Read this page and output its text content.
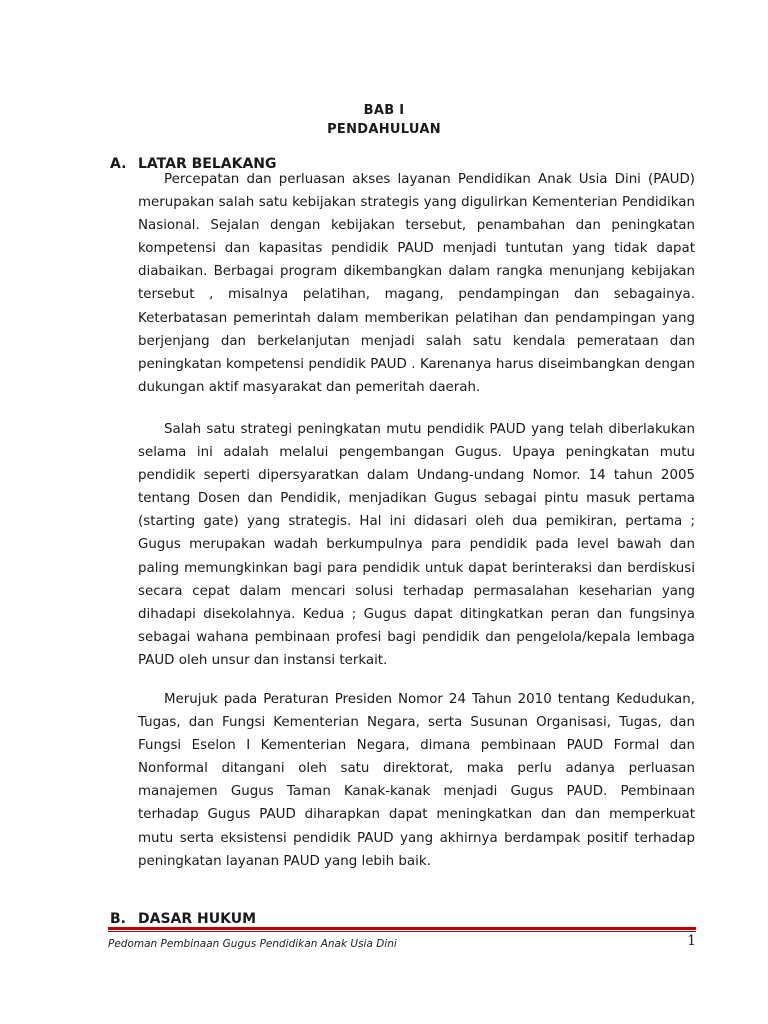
BAB I
PENDAHULUAN
A. LATAR BELAKANG

Percepatan dan perluasan akses layanan Pendidikan Anak Usia Dini (PAUD) merupakan salah satu kebijakan strategis yang digulirkan Kementerian Pendidikan Nasional. Sejalan dengan kebijakan tersebut, penambahan dan peningkatan kompetensi dan kapasitas pendidik PAUD menjadi tuntutan yang tidak dapat diabaikan. Berbagai program dikembangkan dalam rangka menunjang kebijakan tersebut , misalnya pelatihan, magang, pendampingan dan sebagainya. Keterbatasan pemerintah dalam memberikan pelatihan dan pendampingan yang berjenjang dan berkelanjutan menjadi salah satu kendala pemerataan dan peningkatan kompetensi pendidik PAUD . Karenanya harus diseimbangkan dengan dukungan aktif masyarakat dan pemeritah daerah.

Salah satu strategi peningkatan mutu pendidik PAUD yang telah diberlakukan selama ini adalah melalui pengembangan Gugus. Upaya peningkatan mutu pendidik seperti dipersyaratkan dalam Undang-undang Nomor. 14 tahun 2005 tentang Dosen dan Pendidik, menjadikan Gugus sebagai pintu masuk pertama (starting gate) yang strategis. Hal ini didasari oleh dua pemikiran, pertama ; Gugus merupakan wadah berkumpulnya para pendidik pada level bawah dan paling memungkinkan bagi para pendidik untuk dapat berinteraksi dan berdiskusi secara cepat dalam mencari solusi terhadap permasalahan keseharian yang dihadapi disekolahnya. Kedua ; Gugus dapat ditingkatkan peran dan fungsinya sebagai wahana pembinaan profesi bagi pendidik dan pengelola/kepala lembaga PAUD oleh unsur dan instansi terkait.

Merujuk pada Peraturan Presiden Nomor 24 Tahun 2010 tentang Kedudukan, Tugas, dan Fungsi Kementerian Negara, serta Susunan Organisasi, Tugas, dan Fungsi Eselon I Kementerian Negara, dimana pembinaan PAUD Formal dan Nonformal ditangani oleh satu direktorat, maka perlu adanya perluasan manajemen Gugus Taman Kanak-kanak menjadi Gugus PAUD. Pembinaan terhadap Gugus PAUD diharapkan dapat meningkatkan dan dan memperkuat mutu serta eksistensi pendidik PAUD yang akhirnya berdampak positif terhadap peningkatan layanan PAUD yang lebih baik.

B. DASAR HUKUM
Pedoman Pembinaan Gugus Pendidikan Anak Usia Dini	1
